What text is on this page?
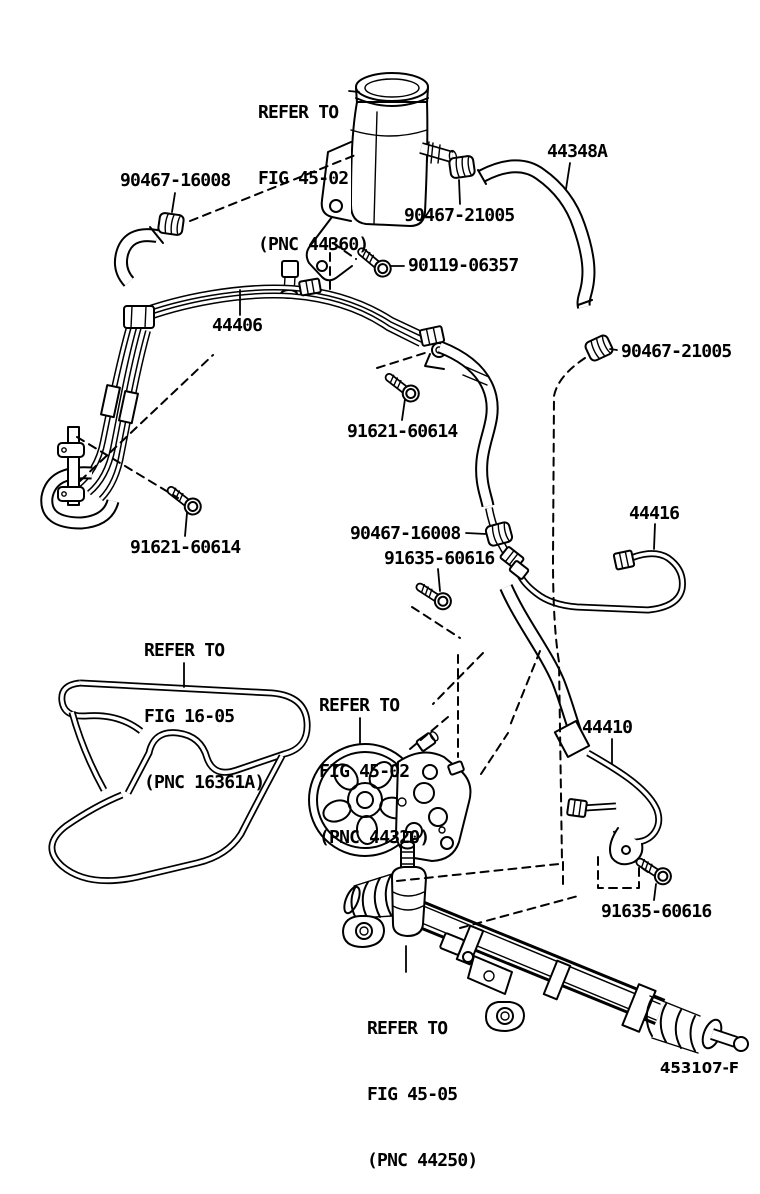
REFER TO

FIG 45-02

(PNC 44360)

90467-16008
44348A
90467-21005
90119-06357
44406
90467-21005
91621-60614
44416
91621-60614
90467-16008
91635-60616

REFER TO

FIG 16-05

(PNC 16361A)

REFER TO

FIG 45-02

(PNC 44320)

44410
91635-60616

REFER TO

FIG 45-05

(PNC 44250)

453107-F
